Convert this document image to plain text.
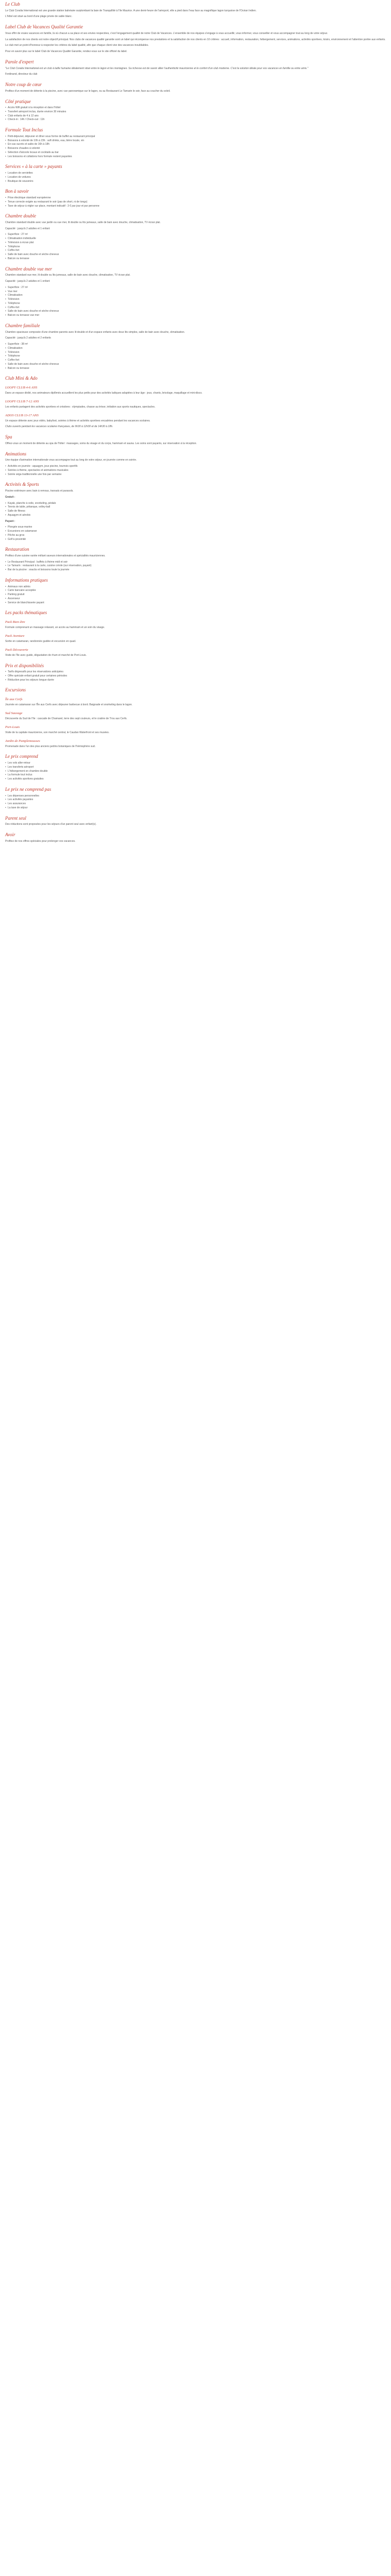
Le Club

Le Club Coralia International est une grande station balnéaire surplombant la baie de Tranquillité à l'Ile Maurice. A une demi-heure de l'aéroport, elle a pied dans l'eau face au magnifique lagon turquoise de l'Océan Indien.

L'hôtel est situé au bord d'une plage privée de sable blanc.

Label Club de Vacances Qualité Garantie

Vous offrir de vraies vacances en famille, là où chacun a sa place et ses envies respectées, c'est l'engagement qualité de notre Club de Vacances. L'ensemble de nos équipes s'engage à vous accueillir, vous informer, vous conseiller et vous accompagner tout au long de votre séjour.

La satisfaction de nos clients est notre objectif principal. Nos clubs de vacances qualité garantie sont un label qui récompense nos prestations et la satisfaction de nos clients en 10 critères : accueil, information, restauration, hébergement, services, animations, activités sportives, loisirs, environnement et l'attention portée aux enfants.

Le club met un point d'honneur à respecter les critères du label qualité, afin que chaque client vive des vacances inoubliables.

Pour en savoir plus sur le label Club de Vacances Qualité Garantie, rendez-vous sur le site officiel du label.

Parole d'expert

"Le Club Coralia International est un club à taille humaine idéalement situé entre le lagon et les montagnes. Sa richesse est de savoir allier l'authenticité mauricienne et le confort d'un club moderne. C'est la solution idéale pour vos vacances en famille ou entre amis."

Ferdinand, directeur du club

Notre coup de cœur

Profitez d'un moment de détente à la piscine, avec vue panoramique sur le lagon, ou au Restaurant Le Tamarin le soir, face au coucher du soleil.

Côté pratique
• Accès Wifi gratuit à la réception et dans l'hôtel
• Transfert aéroport inclus, durée environ 30 minutes
• Club enfants de 4 à 12 ans
• Check-in : 14h / Check-out : 11h
Formule Tout Inclus
• Petit-déjeuner, déjeuner et dîner sous forme de buffet au restaurant principal
• Boissons à volonté de 10h à 23h : soft drinks, eau, bière locale, vin
• En-cas sucrés et salés de 16h à 18h
• Boissons chaudes à volonté
• Sélection d'alcools locaux et cocktails au bar
• Les boissons et collations hors formule restent payantes
Services « à la carte » payants
• Location de serviettes
• Location de voitures
• Boutique de souvenirs
Bon à savoir
• Prise électrique standard européenne
• Tenue correcte exigée au restaurant le soir (pas de short, ni de tongs)
• Taxe de séjour à régler sur place, montant indicatif : 3 € par jour et par personne
Chambre double

Chambre standard double avec vue jardin ou vue mer, lit double ou lits jumeaux, salle de bain avec douche, climatisation, TV écran plat.

Capacité : jusqu'à 2 adultes et 1 enfant

• Superficie : 27 m²
• Climatisation individuelle
• Télévision à écran plat
• Téléphone
• Coffre-fort
• Salle de bain avec douche et sèche-cheveux
• Balcon ou terrasse
Chambre double vue mer

Chambre standard vue mer, lit double ou lits jumeaux, salle de bain avec douche, climatisation, TV écran plat.

Capacité : jusqu'à 2 adultes et 1 enfant

• Superficie : 27 m²
• Vue mer
• Climatisation
• Télévision
• Téléphone
• Coffre-fort
• Salle de bain avec douche et sèche-cheveux
• Balcon ou terrasse vue mer
Chambre familiale

Chambre spacieuse composée d'une chambre parents avec lit double et d'un espace enfants avec deux lits simples, salle de bain avec douche, climatisation.

Capacité : jusqu'à 2 adultes et 2 enfants

• Superficie : 38 m²
• Climatisation
• Télévision
• Téléphone
• Coffre-fort
• Salle de bain avec douche et sèche-cheveux
• Balcon ou terrasse
Club Mini & Ado
LOOPY CLUB 4-6 ANS

Dans un espace dédié, nos animateurs diplômés accueillent les plus petits pour des activités ludiques adaptées à leur âge : jeux, chants, bricolage, maquillage et mini-disco.

LOOPY CLUB 7-12 ANS

Les enfants partagent des activités sportives et créatives : olympiades, chasse au trésor, initiation aux sports nautiques, spectacles.

ADOS CLUB 13-17 ANS

Un espace détente avec jeux vidéo, babyfoot, soirées à thème et activités sportives encadrées pendant les vacances scolaires.

Clubs ouverts pendant les vacances scolaires françaises, de 9h30 à 12h30 et de 14h30 à 18h.

Spa

Offrez-vous un moment de détente au spa de l'hôtel : massages, soins du visage et du corps, hammam et sauna. Les soins sont payants, sur réservation à la réception.

Animations

Une équipe d'animation internationale vous accompagne tout au long de votre séjour, en journée comme en soirée.

• Activités en journée : aquagym, jeux piscine, tournois sportifs
• Soirées à thème, spectacles et animations musicales
• Soirée séga traditionnelle une fois par semaine
Activités & Sports

Piscine extérieure avec bain à remous, transats et parasols.

Gratuit :

• Kayak, planche à voile, snorkeling, pédalo
• Tennis de table, pétanque, volley-ball
• Salle de fitness
• Aquagym et aérobic

Payant :

• Plongée sous-marine
• Excursions en catamaran
• Pêche au gros
• Golf à proximité
Restauration

Profitez d'une cuisine variée mêlant saveurs internationales et spécialités mauriciennes.

• Le Restaurant Principal : buffets à thème midi et soir
• Le Tamarin : restaurant à la carte, cuisine créole (sur réservation, payant)
• Bar de la piscine : snacks et boissons toute la journée
Informations pratiques
• Animaux non admis
• Carte bancaire acceptée
• Parking gratuit
• Ascenseur
• Service de blanchisserie payant
Les packs thématiques
Pack Bien-être

Formule comprenant un massage relaxant, un accès au hammam et un soin du visage.

Pack Aventure

Sortie en catamaran, randonnée guidée et excursion en quad.

Pack Découverte

Visite de l'île avec guide, dégustation de rhum et marché de Port-Louis.

Prix et disponibilités
• Tarifs dégressifs pour les réservations anticipées
• Offre spéciale enfant gratuit pour certaines périodes
• Réduction pour les séjours longue durée
Excursions
Île aux Cerfs

Journée en catamaran sur l'Île aux Cerfs avec déjeuner barbecue à bord. Baignade et snorkeling dans le lagon.

Sud Sauvage

Découverte du Sud de l'île : cascade de Chamarel, terre des sept couleurs, et le cratère de Trou aux Cerfs.

Port-Louis

Visite de la capitale mauricienne, son marché central, le Caudan Waterfront et ses musées.

Jardin de Pamplemousses

Promenade dans l'un des plus anciens jardins botaniques de l'hémisphère sud.

Le prix comprend
• Les vols aller-retour
• Les transferts aéroport
• L'hébergement en chambre double
• La formule tout inclus
• Les activités sportives gratuites
Le prix ne comprend pas
• Les dépenses personnelles
• Les activités payantes
• Les assurances
• La taxe de séjour
Parent seul

Des réductions sont proposées pour les séjours d'un parent seul avec enfant(s).

Avoir

Profitez de nos offres spéciales pour prolonger vos vacances.
